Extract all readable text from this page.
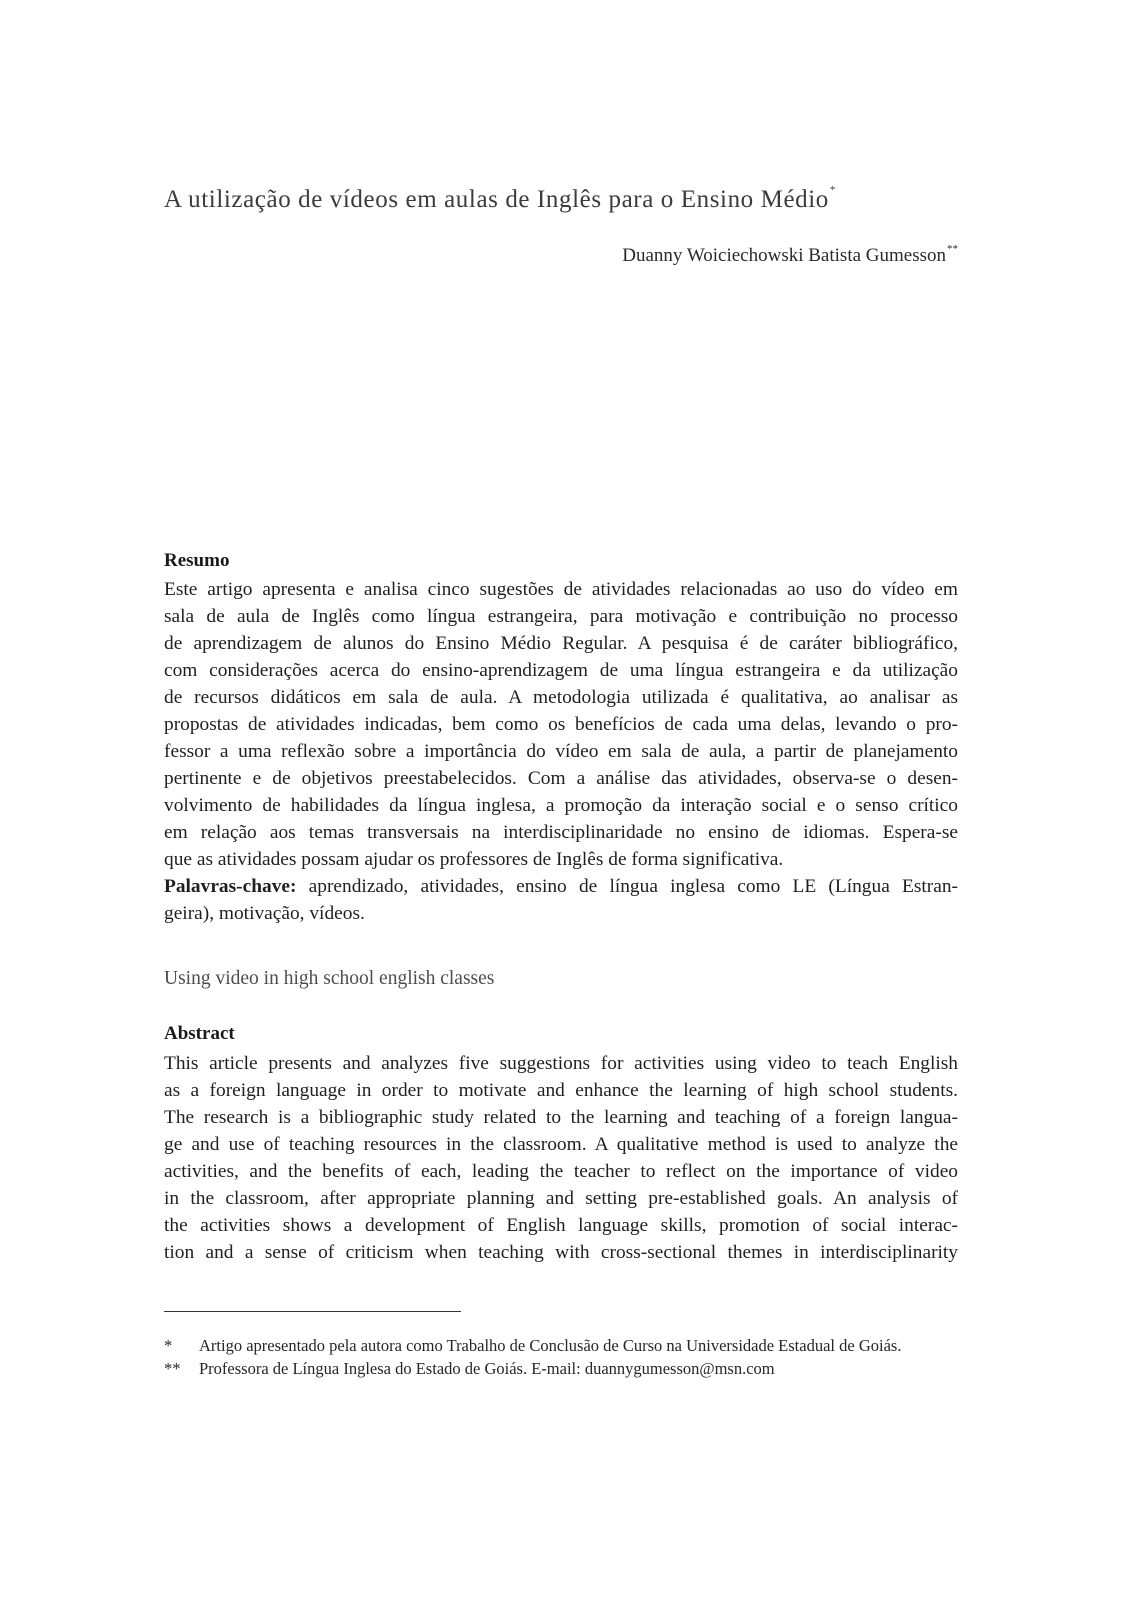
A utilização de vídeos em aulas de Inglês para o Ensino Médio*
Duanny Woiciechowski Batista Gumesson**
Resumo
Este artigo apresenta e analisa cinco sugestões de atividades relacionadas ao uso do vídeo em
sala de aula de Inglês como língua estrangeira, para motivação e contribuição no processo
de aprendizagem de alunos do Ensino Médio Regular. A pesquisa é de caráter bibliográfico,
com considerações acerca do ensino-aprendizagem de uma língua estrangeira e da utilização
de recursos didáticos em sala de aula. A metodologia utilizada é qualitativa, ao analisar as
propostas de atividades indicadas, bem como os benefícios de cada uma delas, levando o pro-
fessor a uma reflexão sobre a importância do vídeo em sala de aula, a partir de planejamento
pertinente e de objetivos preestabelecidos. Com a análise das atividades, observa-se o desen-
volvimento de habilidades da língua inglesa, a promoção da interação social e o senso crítico
em relação aos temas transversais na interdisciplinaridade no ensino de idiomas. Espera-se
que as atividades possam ajudar os professores de Inglês de forma significativa.
Palavras-chave: aprendizado, atividades, ensino de língua inglesa como LE (Língua Estran-
geira), motivação, vídeos.
Using video in high school english classes
Abstract
This article presents and analyzes five suggestions for activities using video to teach English
as a foreign language in order to motivate and enhance the learning of high school students.
The research is a bibliographic study related to the learning and teaching of a foreign langua-
ge and use of teaching resources in the classroom. A qualitative method is used to analyze the
activities, and the benefits of each, leading the teacher to reflect on the importance of video
in the classroom, after appropriate planning and setting pre-established goals. An analysis of
the activities shows a development of English language skills, promotion of social interac-
tion and a sense of criticism when teaching with cross-sectional themes in interdisciplinarity
*	Artigo apresentado pela autora como Trabalho de Conclusão de Curso na Universidade Estadual de Goiás.
**	Professora de Língua Inglesa do Estado de Goiás. E-mail: duannygumesson@msn.com
